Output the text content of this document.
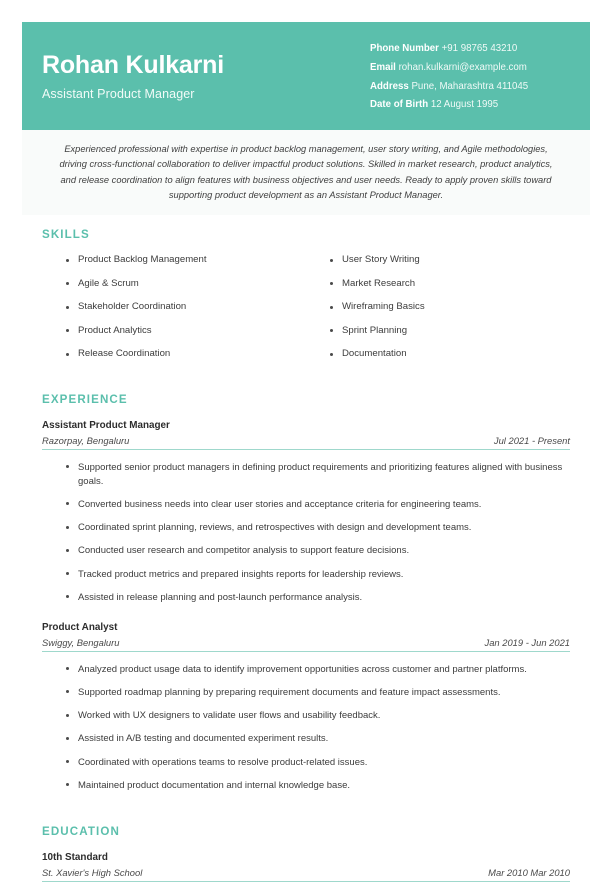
Rohan Kulkarni
Assistant Product Manager
Phone Number +91 98765 43210
Email rohan.kulkarni@example.com
Address Pune, Maharashtra 411045
Date of Birth 12 August 1995
Experienced professional with expertise in product backlog management, user story writing, and Agile methodologies, driving cross-functional collaboration to deliver impactful product solutions. Skilled in market research, product analytics, and release coordination to align features with business objectives and user needs. Ready to apply proven skills toward supporting product development as an Assistant Product Manager.
SKILLS
Product Backlog Management
Agile & Scrum
Stakeholder Coordination
Product Analytics
Release Coordination
User Story Writing
Market Research
Wireframing Basics
Sprint Planning
Documentation
EXPERIENCE
Assistant Product Manager
Razorpay, Bengaluru	Jul 2021 - Present
Supported senior product managers in defining product requirements and prioritizing features aligned with business goals.
Converted business needs into clear user stories and acceptance criteria for engineering teams.
Coordinated sprint planning, reviews, and retrospectives with design and development teams.
Conducted user research and competitor analysis to support feature decisions.
Tracked product metrics and prepared insights reports for leadership reviews.
Assisted in release planning and post-launch performance analysis.
Product Analyst
Swiggy, Bengaluru	Jan 2019 - Jun 2021
Analyzed product usage data to identify improvement opportunities across customer and partner platforms.
Supported roadmap planning by preparing requirement documents and feature impact assessments.
Worked with UX designers to validate user flows and usability feedback.
Assisted in A/B testing and documented experiment results.
Coordinated with operations teams to resolve product-related issues.
Maintained product documentation and internal knowledge base.
EDUCATION
10th Standard
St. Xavier's High School	Mar 2010 Mar 2010
